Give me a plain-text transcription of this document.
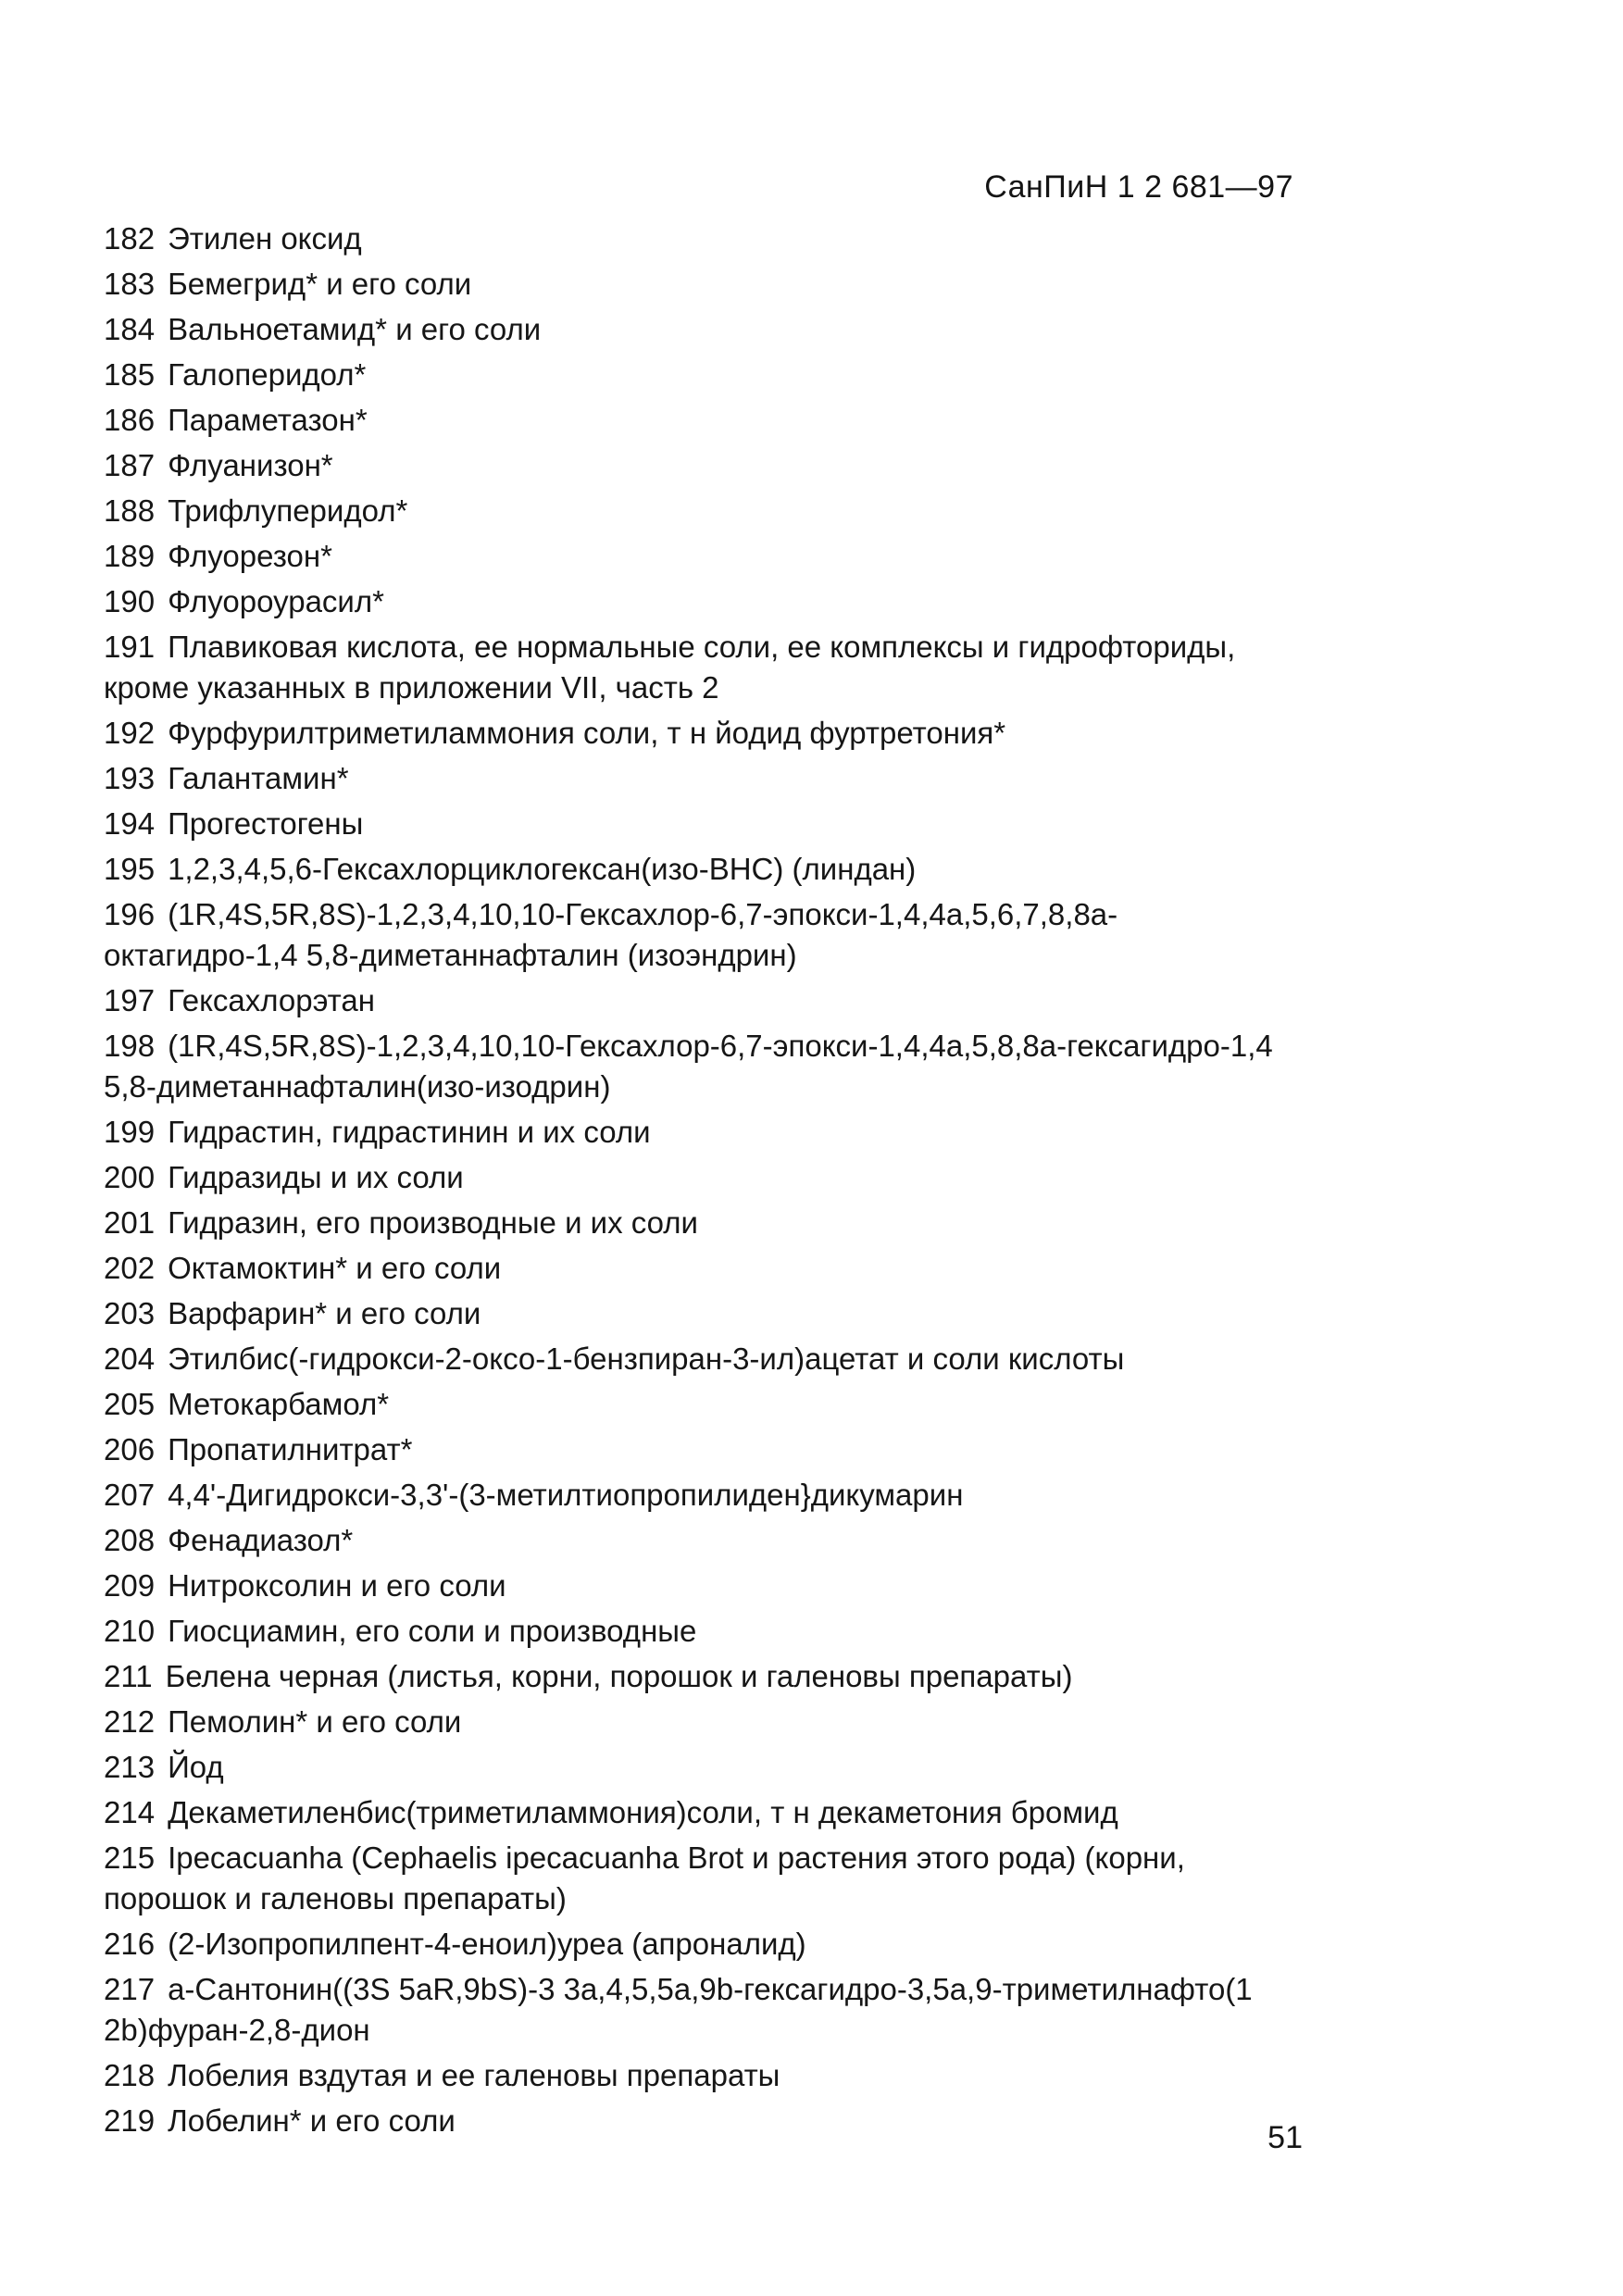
СанПиН 1 2 681—97
182 Этилен оксид
183 Бемегрид* и его соли
184 Вальноетамид* и его соли
185 Галоперидол*
186 Параметазон*
187 Флуанизон*
188 Трифлуперидол*
189 Флуорезон*
190 Флуороурасил*
191 Плавиковая кислота, ее нормальные соли, ее комплексы и гидрофториды, кроме указанных в приложении VII, часть 2
192 Фурфурилтриметиламмония соли, т н йодид фуртретония*
193 Галантамин*
194 Прогестогены
195 1,2,3,4,5,6-Гексахлорциклогексан(изо-ВНС) (линдан)
196 (1R,4S,5R,8S)-1,2,3,4,10,10-Гексахлор-6,7-эпокси-1,4,4а,5,6,7,8,8а-октагидро-1,4 5,8-диметаннафталин (изоэндрин)
197 Гексахлорэтан
198 (1R,4S,5R,8S)-1,2,3,4,10,10-Гексахлор-6,7-эпокси-1,4,4а,5,8,8а-гексагидро-1,4 5,8-диметаннафталин(изо-изодрин)
199 Гидрастин, гидрастинин и их соли
200 Гидразиды и их соли
201 Гидразин, его производные и их соли
202 Октамоктин* и его соли
203 Варфарин* и его соли
204 Этилбис(-гидрокси-2-оксо-1-бензпиран-3-ил)ацетат и соли кислоты
205 Метокарбамол*
206 Пропатилнитрат*
207 4,4'-Дигидрокси-3,3'-(3-метилтиопропилиден}дикумарин
208 Фенадиазол*
209 Нитроксолин и его соли
210 Гиосциамин, его соли и производные
211 Белена черная (листья, корни, порошок и галеновы препараты)
212 Пемолин* и его соли
213 Йод
214 Декаметиленбис(триметиламмония)соли, т н декаметония бромид
215 Ipecacuanha (Cephaelis ipecacuanha Brot и растения этого рода) (корни, порошок и галеновы препараты)
216 (2-Изопропилпент-4-еноил)уреа (апроналид)
217 а-Сантонин((3S 5аR,9bS)-3 3а,4,5,5а,9b-гексагидро-3,5а,9-триметилнафто(1 2b)фуран-2,8-дион
218 Лобелия вздутая и ее галеновы препараты
219 Лобелин* и его соли	51
